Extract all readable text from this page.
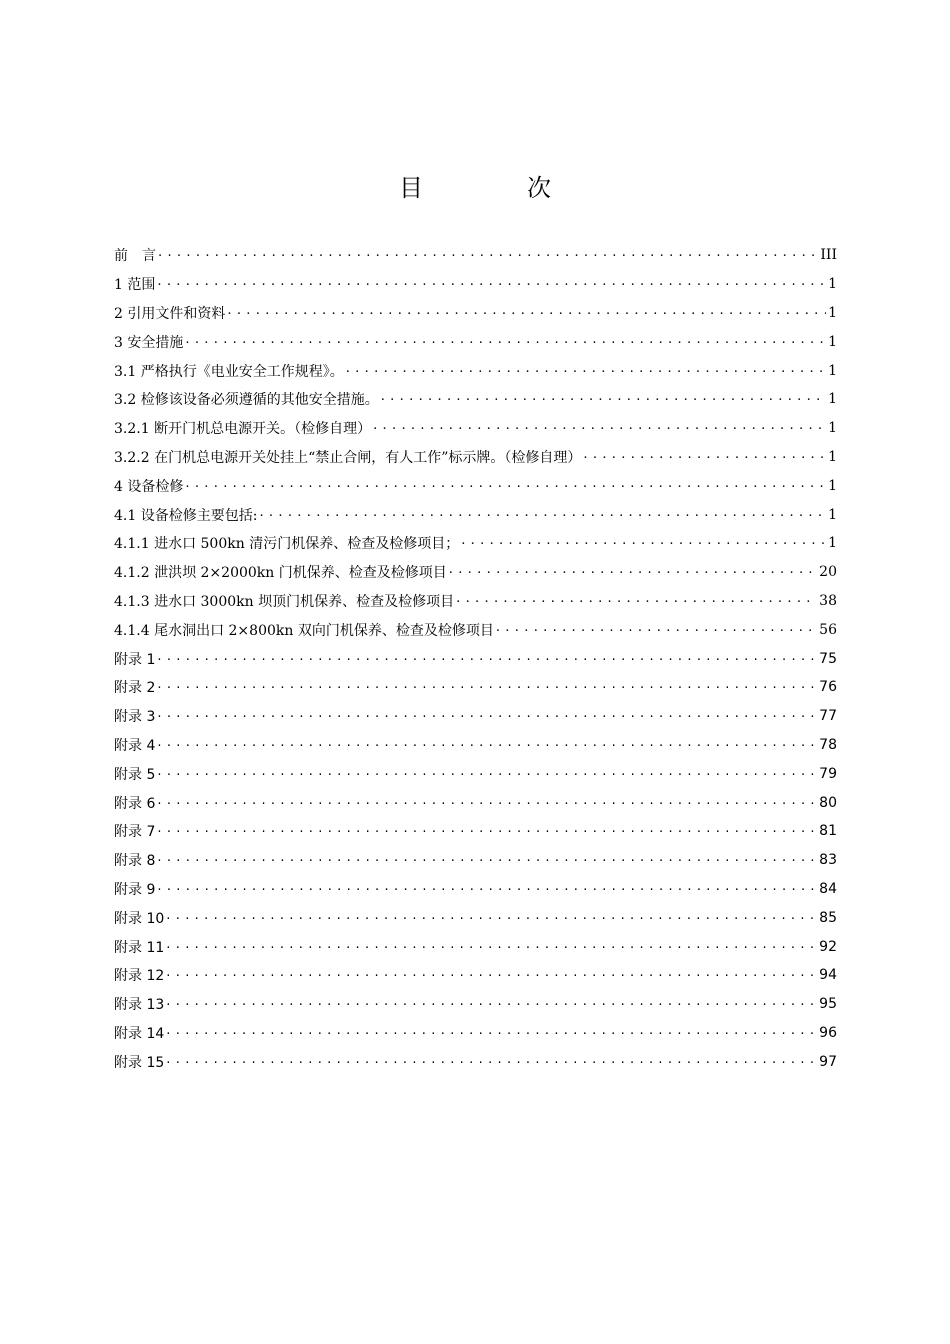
目　次
前　言 . . .	III
1 范围 . . .	1
2 引用文件和资料 . . .	1
3 安全措施 . . .	1
3.1 严格执行《电业安全工作规程》。 . . .	1
3.2 检修该设备必须遵循的其他安全措施。 . . .	1
3.2.1 断开门机总电源开关。（检修自理） . . .	1
3.2.2 在门机总电源开关处挂上“禁止合闸，有人工作”标示牌。（检修自理） . . .	1
4 设备检修 . . .	1
4.1 设备检修主要包括: . . .	1
4.1.1 进水口 500kn 清污门机保养、检查及检修项目； . . .	1
4.1.2 泄洪坝 2×2000kn 门机保养、检查及检修项目 . . .	20
4.1.3 进水口 3000kn 坝顶门机保养、检查及检修项目 . . .	38
4.1.4 尾水洞出口 2×800kn 双向门机保养、检查及检修项目 . . .	56
附录 1 . . .	75
附录 2 . . .	76
附录 3 . . .	77
附录 4 . . .	78
附录 5 . . .	79
附录 6 . . .	80
附录 7 . . .	81
附录 8 . . .	83
附录 9 . . .	84
附录 10 . . .	85
附录 11 . . .	92
附录 12 . . .	94
附录 13 . . .	95
附录 14 . . .	96
附录 15 . . .	97
